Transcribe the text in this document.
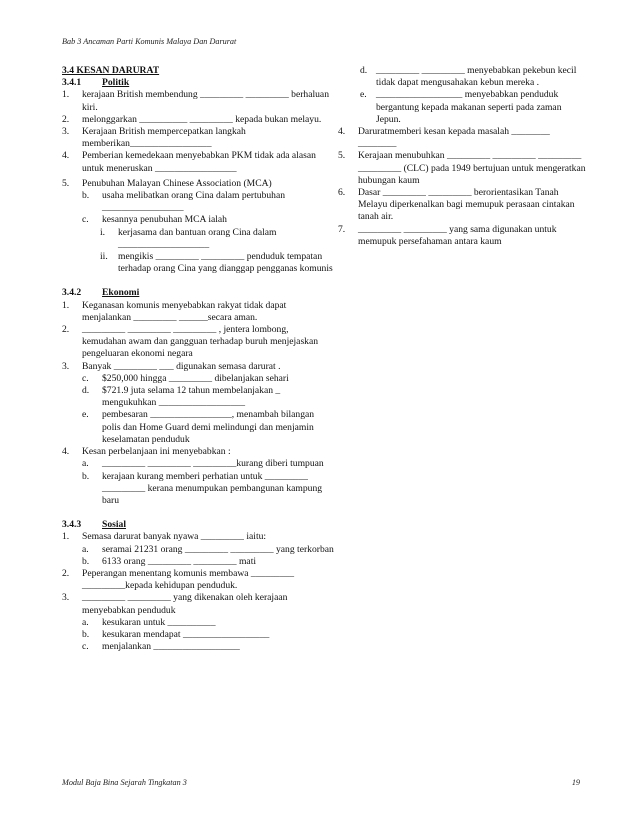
Bab 3 Ancaman Parti Komunis Malaya Dan Darurat
3.4 KESAN DARURAT
3.4.1	Politik
1. kerajaan British membendung _________ _________ berhaluan kiri.
2. melonggarkan __________ _________ kepada bukan melayu.
3. Kerajaan British mempercepatkan langkah memberikan_________________
4. Pemberian kemedekaan menyebabkan PKM tidak ada alasan untuk meneruskan _________________
5. Penubuhan Malayan Chinese Association (MCA)
b. usaha melibatkan orang Cina dalam pertubuhan _________________
c. kesannya penubuhan MCA ialah
i. kerjasama dan bantuan orang Cina dalam ___________________
ii. mengikis _________ _________ penduduk tempatan terhadap orang Cina yang dianggap pengganas komunis
3.4.2	Ekonomi
1. Keganasan komunis menyebabkan rakyat tidak dapat menjalankan _________ ______secara aman.
2. _________ _________ _________ , jentera lombong, kemudahan awam dan gangguan terhadap buruh menjejaskan pengeluaran ekonomi negara
3. Banyak _________ ___ digunakan semasa darurat .
c. $250,000 hingga _________ dibelanjakan sehari
d. $721.9 juta selama 12 tahun membelanjakan _ mengukuhkan __________________
e. pembesaran _________________, menambah bilangan polis dan Home Guard demi melindungi dan menjamin keselamatan penduduk
4. Kesan perbelanjaan ini menyebabkan :
a. _________ _________ _________kurang diberi tumpuan
b. kerajaan kurang memberi perhatian untuk _________ _________ kerana menumpukan pembangunan kampung baru
3.4.3	Sosial
1. Semasa darurat banyak nyawa _________ iaitu:
a. seramai 21231 orang _________ _________ yang terkorban
b. 6133 orang _________ _________ mati
2. Peperangan menentang komunis membawa _________ _________kepada kehidupan penduduk.
3. _________ _________ yang dikenakan oleh kerajaan menyebabkan penduduk
a. kesukaran untuk __________
b. kesukaran mendapat __________________
c. menjalankan __________________
d. _________ _________ menyebabkan pekebun kecil tidak dapat mengusahakan kebun mereka .
e. __________________ menyebabkan penduduk bergantung kepada makanan seperti pada zaman Jepun.
4. Daruratmemberi kesan kepada masalah ________ ________
5. Kerajaan menubuhkan _________ _________ _________ _________ (CLC) pada 1949 bertujuan untuk mengeratkan hubungan kaum
6. Dasar _________ _________ berorientasikan Tanah Melayu diperkenalkan bagi memupuk perasaan cintakan tanah air.
7. _________ _________ yang sama digunakan untuk memupuk persefahaman antara kaum
Modul Baja Bina Sejarah Tingkatan 3	19
